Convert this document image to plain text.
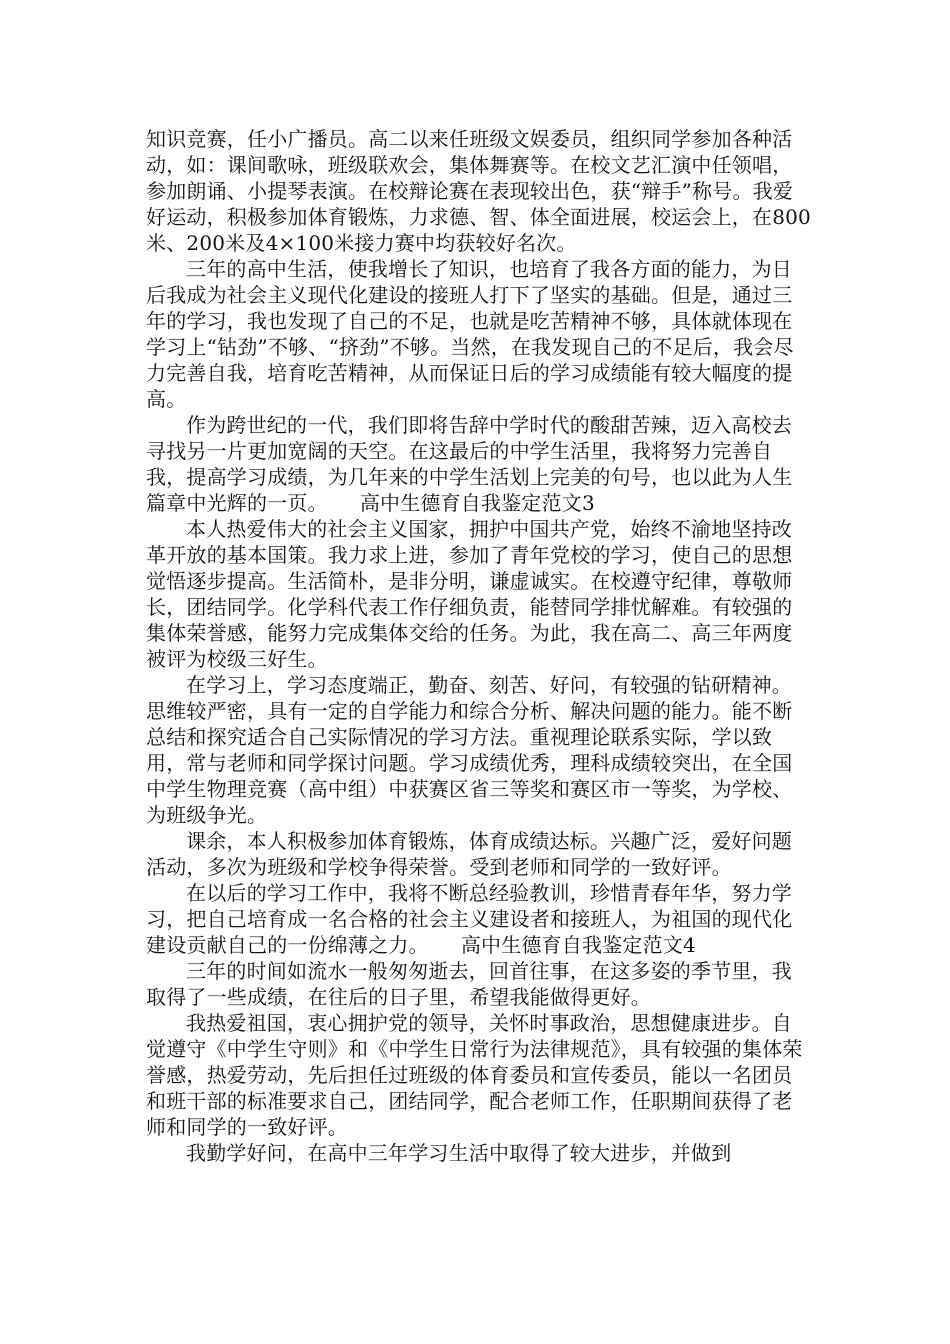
知识竞赛，任小广播员。高二以来任班级文娱委员，组织同学参加各种活动，如：课间歌咏，班级联欢会，集体舞赛等。在校文艺汇演中任领唱，参加朗诵、小提琴表演。在校辩论赛在表现较出色，获“辩手”称号。我爱好运动，积极参加体育锻炼，力求德、智、体全面进展，校运会上，在800米、200米及4×100米接力赛中均获较好名次。

三年的高中生活，使我增长了知识，也培育了我各方面的能力，为日后我成为社会主义现代化建设的接班人打下了坚实的基础。但是，通过三年的学习，我也发现了自己的不足，也就是吃苦精神不够，具体就体现在学习上“钻劲”不够、“挤劲”不够。当然，在我发现自己的不足后，我会尽力完善自我，培育吃苦精神，从而保证日后的学习成绩能有较大幅度的提高。

作为跨世纪的一代，我们即将告辞中学时代的酸甜苦辣，迈入高校去寻找另一片更加宽阔的天空。在这最后的中学生活里，我将努力完善自我，提高学习成绩，为几年来的中学生活划上完美的句号，也以此为人生篇章中光辉的一页。 高中生德育自我鉴定范文3

本人热爱伟大的社会主义国家，拥护中国共产党，始终不渝地坚持改革开放的基本国策。我力求上进，参加了青年党校的学习，使自己的思想觉悟逐步提高。生活简朴，是非分明，谦虚诚实。在校遵守纪律，尊敬师长，团结同学。化学科代表工作仔细负责，能替同学排忧解难。有较强的集体荣誉感，能努力完成集体交给的任务。为此，我在高二、高三年两度被评为校级三好生。

在学习上，学习态度端正，勤奋、刻苦、好问，有较强的钻研精神。思维较严密，具有一定的自学能力和综合分析、解决问题的能力。能不断总结和探究适合自己实际情况的学习方法。重视理论联系实际，学以致用，常与老师和同学探讨问题。学习成绩优秀，理科成绩较突出，在全国中学生物理竞赛（高中组）中获赛区省三等奖和赛区市一等奖，为学校、为班级争光。

课余，本人积极参加体育锻炼，体育成绩达标。兴趣广泛，爱好问题活动，多次为班级和学校争得荣誉。受到老师和同学的一致好评。

在以后的学习工作中，我将不断总经验教训，珍惜青春年华，努力学习，把自己培育成一名合格的社会主义建设者和接班人，为祖国的现代化建设贡献自己的一份绵薄之力。 高中生德育自我鉴定范文4

三年的时间如流水一般匆匆逝去，回首往事，在这多姿的季节里，我取得了一些成绩，在往后的日子里，希望我能做得更好。

我热爱祖国，衷心拥护党的领导，关怀时事政治，思想健康进步。自觉遵守《中学生守则》和《中学生日常行为法律规范》，具有较强的集体荣誉感，热爱劳动，先后担任过班级的体育委员和宣传委员，能以一名团员和班干部的标准要求自己，团结同学，配合老师工作，任职期间获得了老师和同学的一致好评。

我勤学好问，在高中三年学习生活中取得了较大进步，并做到
